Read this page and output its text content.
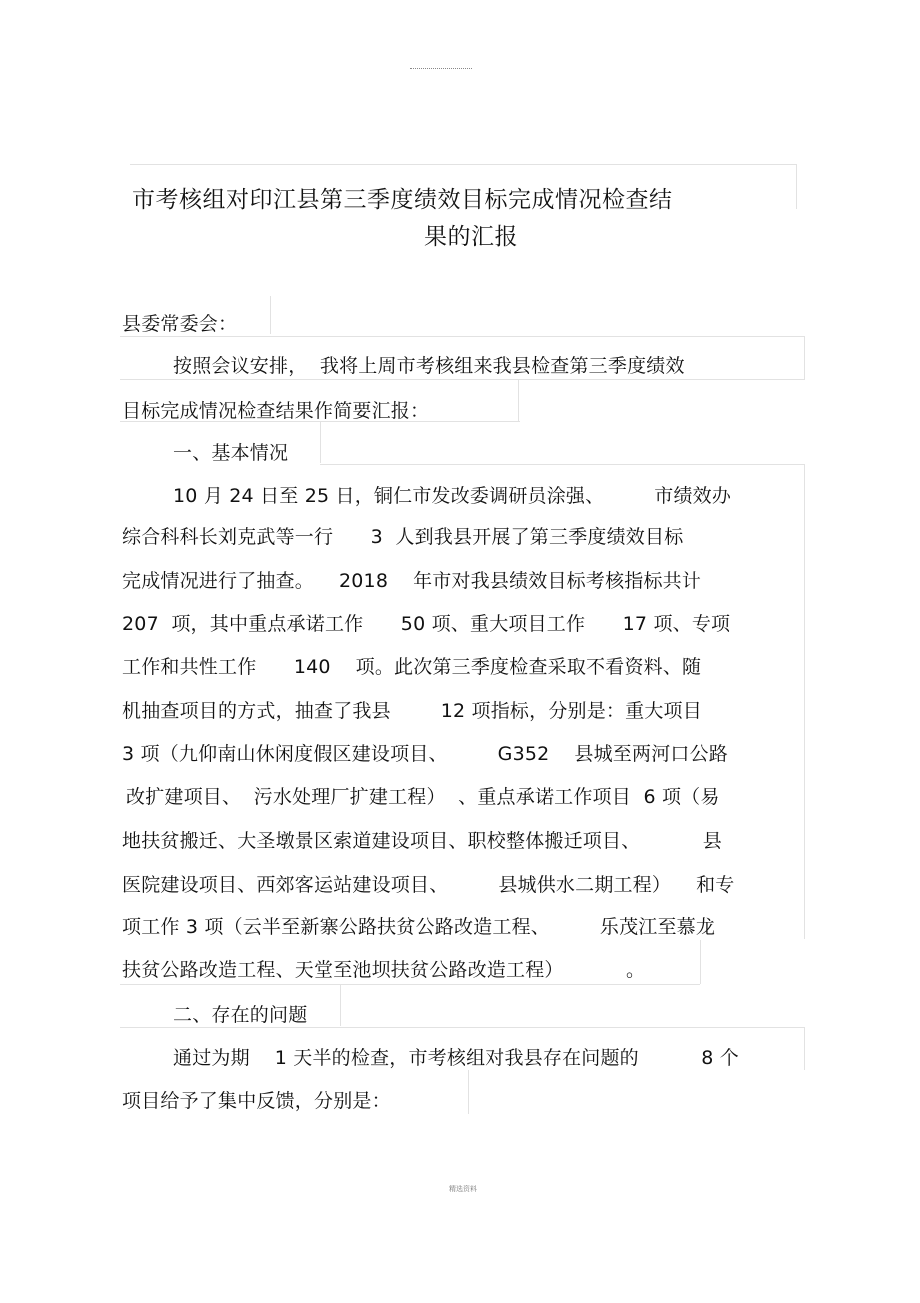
市考核组对印江县第三季度绩效目标完成情况检查结
果的汇报
县委常委会：
按照会议安排，  我将上周市考核组来我县检查第三季度绩效
目标完成情况检查结果作简要汇报：
一、基本情况
10 月 24 日至 25 日，铜仁市发改委调研员涂强、        市绩效办
综合科科长刘克武等一行      3  人到我县开展了第三季度绩效目标
完成情况进行了抽查。    2018    年市对我县绩效目标考核指标共计
207  项，其中重点承诺工作      50 项、重大项目工作      17 项、专项
工作和共性工作      140    项。此次第三季度检查采取不看资料、随
机抽查项目的方式，抽查了我县        12 项指标，分别是：重大项目
3 项（九仰南山休闲度假区建设项目、        G352    县城至两河口公路
改扩建项目、  污水处理厂扩建工程）  、重点承诺工作项目  6 项（易
地扶贫搬迁、大圣墩景区索道建设项目、职校整体搬迁项目、          县
医院建设项目、西郊客运站建设项目、        县城供水二期工程）    和专
项工作 3 项（云半至新寨公路扶贫公路改造工程、        乐茂江至慕龙
扶贫公路改造工程、天堂至池坝扶贫公路改造工程）          。
二、存在的问题
通过为期    1 天半的检查，市考核组对我县存在问题的          8 个
项目给予了集中反馈，分别是：
精选资料
